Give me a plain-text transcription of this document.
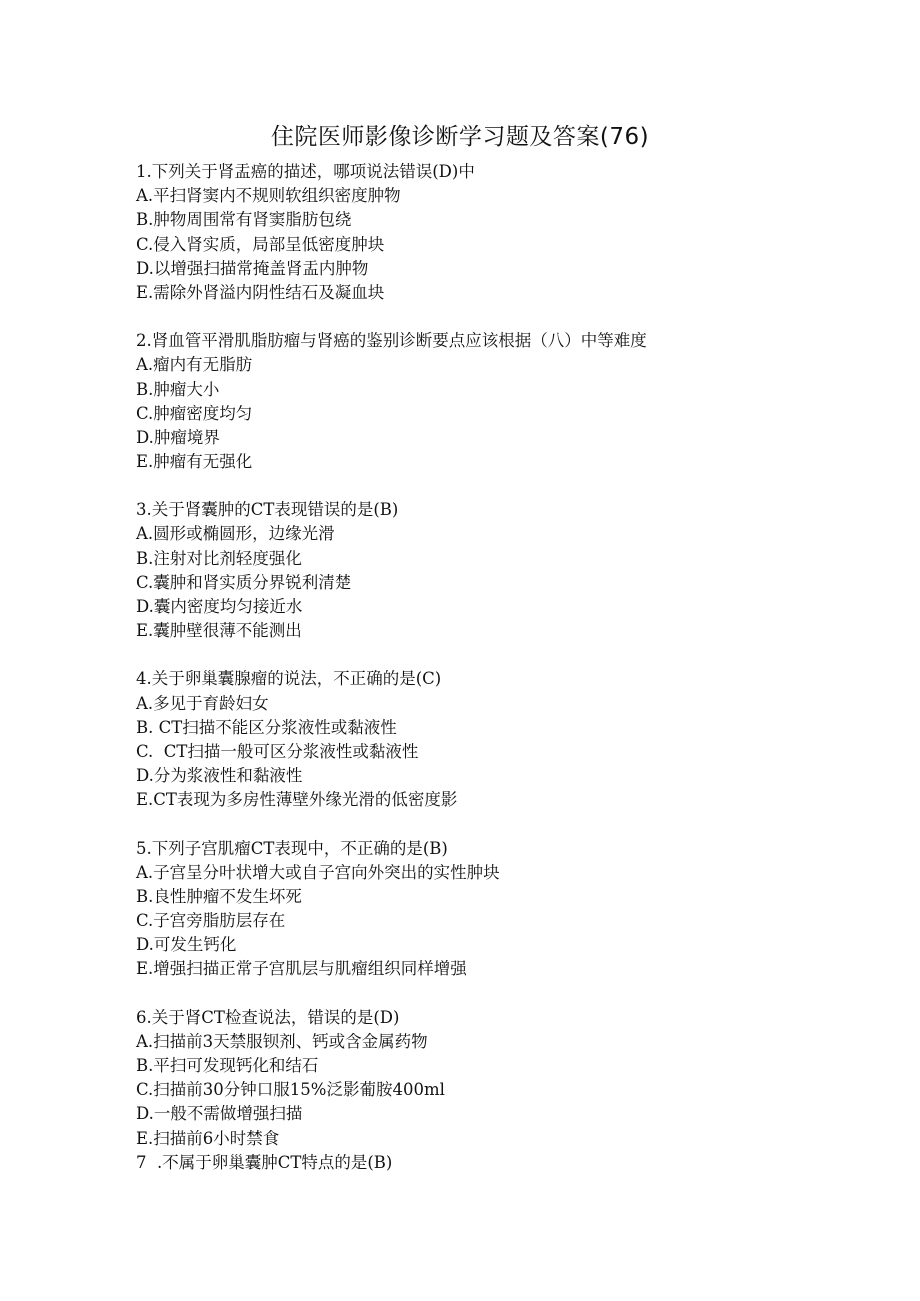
住院医师影像诊断学习题及答案(76)
1.下列关于肾盂癌的描述，哪项说法错误(D)中
A.平扫肾窦内不规则软组织密度肿物
B.肿物周围常有肾窦脂肪包绕
C.侵入肾实质，局部呈低密度肿块
D.以增强扫描常掩盖肾盂内肿物
E.需除外肾溢内阴性结石及凝血块
2.肾血管平滑肌脂肪瘤与肾癌的鉴别诊断要点应该根据（八）中等难度
A.瘤内有无脂肪
B.肿瘤大小
C.肿瘤密度均匀
D.肿瘤境界
E.肿瘤有无强化
3.关于肾囊肿的CT表现错误的是(B)
A.圆形或椭圆形，边缘光滑
B.注射对比剂轻度强化
C.囊肿和肾实质分界锐利清楚
D.囊内密度均匀接近水
E.囊肿壁很薄不能测出
4.关于卵巢囊腺瘤的说法，不正确的是(C)
A.多见于育龄妇女
B. CT扫描不能区分浆液性或黏液性
C.  CT扫描一般可区分浆液性或黏液性
D.分为浆液性和黏液性
E.CT表现为多房性薄壁外缘光滑的低密度影
5.下列子宫肌瘤CT表现中，不正确的是(B)
A.子宫呈分叶状增大或自子宫向外突出的实性肿块
B.良性肿瘤不发生坏死
C.子宫旁脂肪层存在
D.可发生钙化
E.增强扫描正常子宫肌层与肌瘤组织同样增强
6.关于肾CT检查说法，错误的是(D)
A.扫描前3天禁服钡剂、钙或含金属药物
B.平扫可发现钙化和结石
C.扫描前30分钟口服15%泛影葡胺400ml
D.一般不需做增强扫描
E.扫描前6小时禁食
7  .不属于卵巢囊肿CT特点的是(B)
